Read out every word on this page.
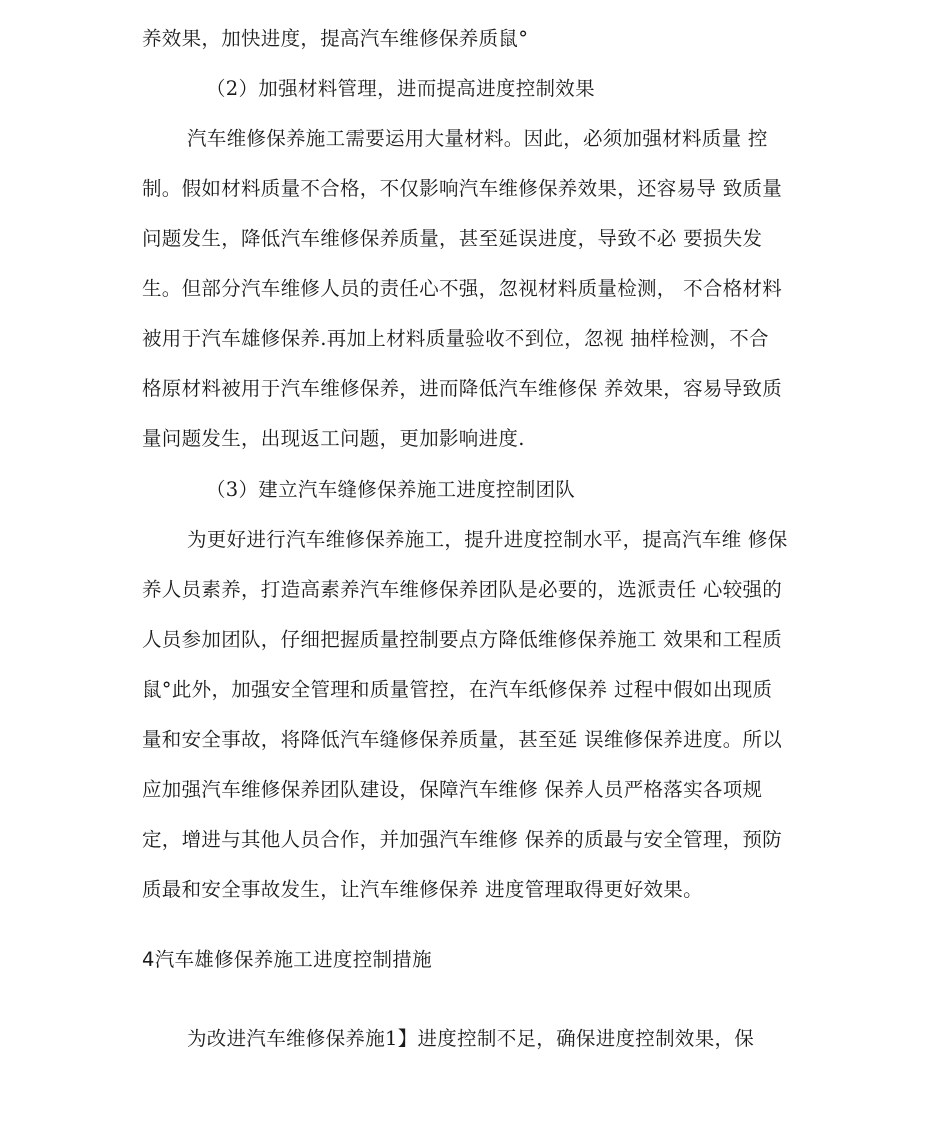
养效果，加快进度，提高汽车维修保养质鼠°
（2）加强材料管理，进而提高进度控制效果
汽车维修保养施工需要运用大量材料。因此，必须加强材料质量 控
制。假如材料质量不合格，不仅影响汽车维修保养效果，还容易导 致质量
问题发生，降低汽车维修保养质量，甚至延误进度，导致不必 要损失发
生。但部分汽车维修人员的责任心不强，忽视材料质量检测， 不合格材料
被用于汽车雄修保养.再加上材料质量验收不到位，忽视 抽样检测，不合
格原材料被用于汽车维修保养，进而降低汽车维修保 养效果，容易导致质
量问题发生，出现返工问题，更加影响进度.
（3）建立汽车缝修保养施工进度控制团队
为更好进行汽车维修保养施工，提升进度控制水平，提高汽车维 修保
养人员素养，打造高素养汽车维修保养团队是必要的，选派责任 心较强的
人员参加团队，仔细把握质量控制要点方降低维修保养施工 效果和工程质
鼠°此外，加强安全管理和质量管控，在汽车纸修保养 过程中假如出现质
量和安全事故，将降低汽车缝修保养质量，甚至延 误维修保养进度。所以
应加强汽车维修保养团队建设，保障汽车维修 保养人员严格落实各项规
定，增进与其他人员合作，并加强汽车维修 保养的质最与安全管理，预防
质最和安全事故发生，让汽车维修保养 进度管理取得更好效果。
4汽车雄修保养施工进度控制措施
为改进汽车维修保养施1】进度控制不足，确保进度控制效果，保
